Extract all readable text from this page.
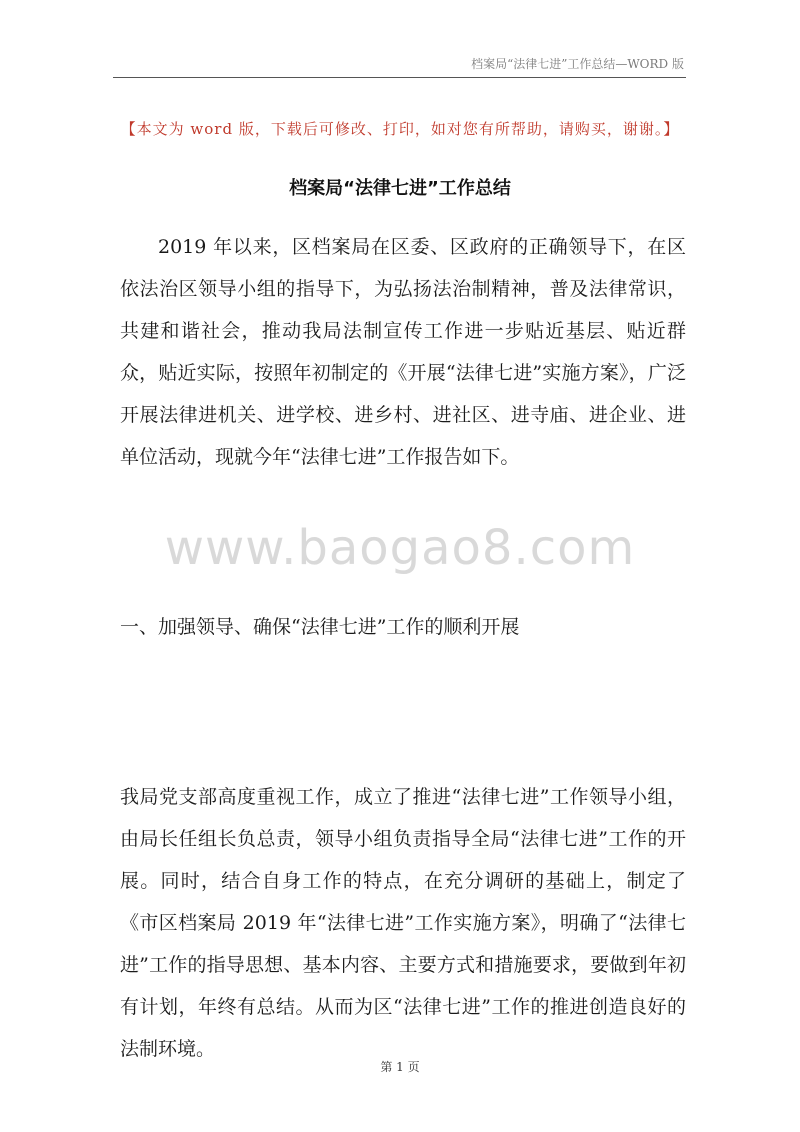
档案局“法律七进”工作总结—WORD 版
【本文为 word 版，下载后可修改、打印，如对您有所帮助，请购买，谢谢。】
档案局“法律七进”工作总结
2019 年以来，区档案局在区委、区政府的正确领导下，在区依法治区领导小组的指导下，为弘扬法治制精神，普及法律常识，共建和谐社会，推动我局法制宣传工作进一步贴近基层、贴近群众，贴近实际，按照年初制定的《开展“法律七进”实施方案》，广泛开展法律进机关、进学校、进乡村、进社区、进寺庙、进企业、进单位活动，现就今年“法律七进”工作报告如下。
www.baogao8.com
一、加强领导、确保“法律七进”工作的顺利开展
我局党支部高度重视工作，成立了推进“法律七进”工作领导小组，由局长任组长负总责，领导小组负责指导全局“法律七进”工作的开展。同时，结合自身工作的特点，在充分调研的基础上，制定了《市区档案局 2019 年“法律七进”工作实施方案》，明确了“法律七进”工作的指导思想、基本内容、主要方式和措施要求，要做到年初有计划，年终有总结。从而为区“法律七进”工作的推进创造良好的法制环境。
第 1 页
